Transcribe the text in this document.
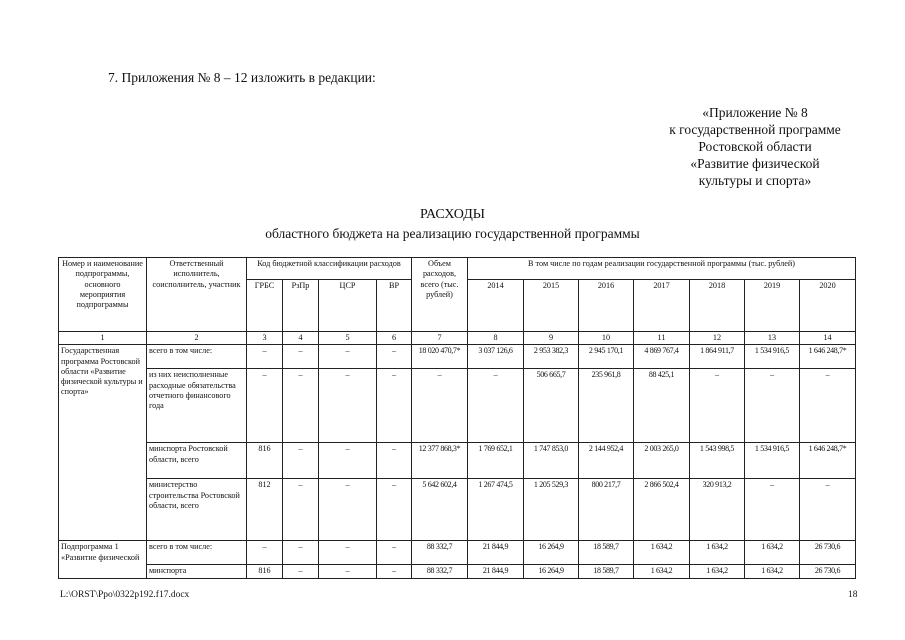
7. Приложения № 8 – 12 изложить в редакции:
«Приложение № 8
к государственной программе
Ростовской области
«Развитие физической
культуры и спорта»
РАСХОДЫ
областного бюджета на реализацию государственной программы
Номер и наименование подпрограммы, основного мероприятия подпрограммы	Ответственный исполнитель, соисполнитель, участник	Код бюджетной классификации расходов				Объем расходов, всего (тыс. рублей)	В том числе по годам реализации государственной программы (тыс. рублей)						
		ГРБС	РзПр	ЦСР	ВР		2014	2015	2016	2017	2018	2019	2020
1	2	3	4	5	6	7	8	9	10	11	12	13	14
Государственная программа Ростовской области «Развитие физической культуры и спорта»	всего в том числе:	–	–	–	–	18 020 470,7*	3 037 126,6	2 953 382,3	2 945 170,1	4 869 767,4	1 864 911,7	1 534 916,5	1 646 248,7*
	из них неисполненные расходные обязательства отчетного финансового года	–	–	–	–	–	–	506 665,7	235 961,8	88 425,1	–	–	–
	минспорта Ростовской области, всего	816	–	–	–	12 377 868,3*	1 769 652,1	1 747 853,0	2 144 952,4	2 003 265,0	1 543 998,5	1 534 916,5	1 646 248,7*
	министерство строительства Ростовской области, всего	812	–	–	–	5 642 602,4	1 267 474,5	1 205 529,3	800 217,7	2 866 502,4	320 913,2	–	–
Подпрограмма 1 «Развитие физической	всего в том числе:	–	–	–	–	88 332,7	21 844,9	16 264,9	18 589,7	1 634,2	1 634,2	1 634,2	26 730,6
	минспорта	816	–	–	–	88 332,7	21 844,9	16 264,9	18 589,7	1 634,2	1 634,2	1 634,2	26 730,6
L:\ORST\Ppo\0322p192.f17.docx	18
